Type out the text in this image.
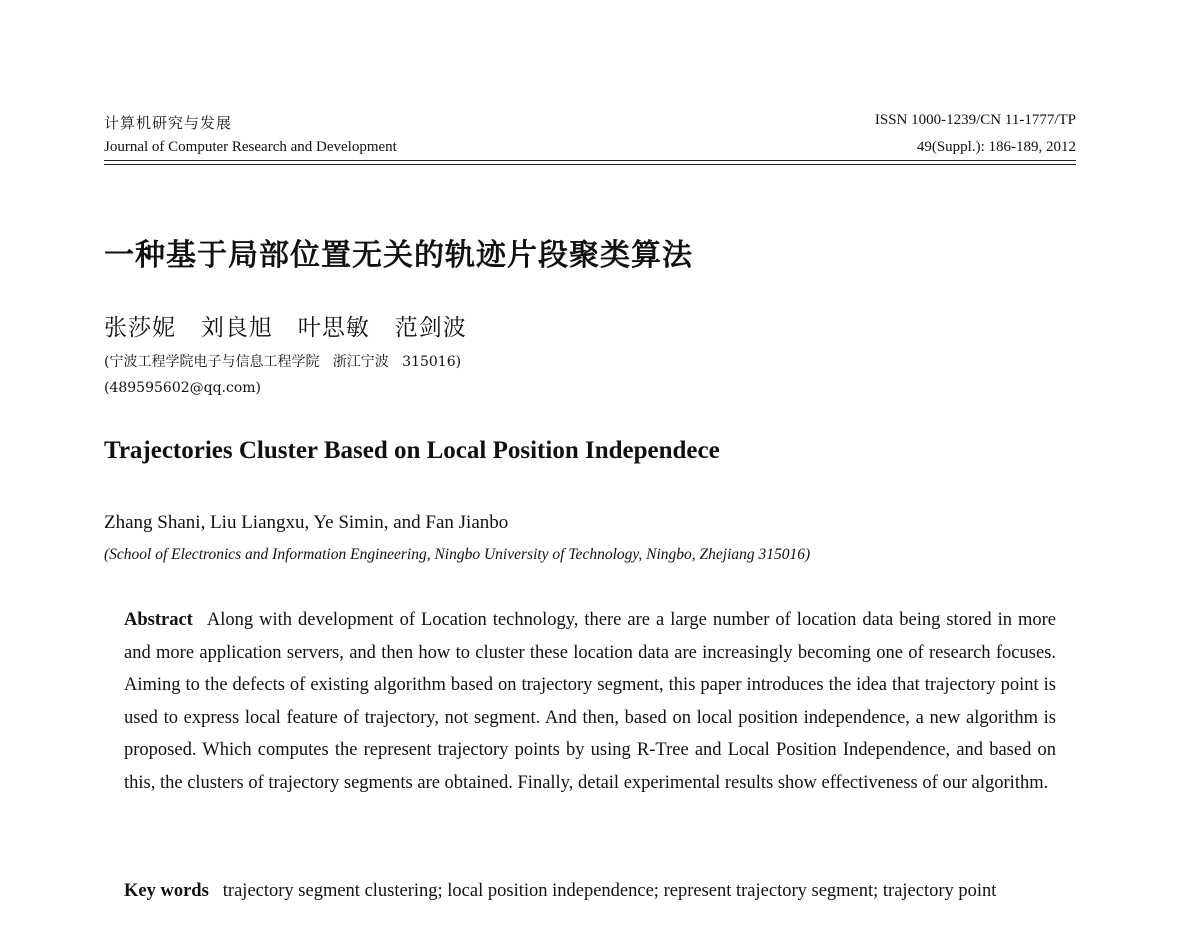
计算机研究与发展	ISSN 1000-1239/CN 11-1777/TP
Journal of Computer Research and Development	49(Suppl.): 186-189, 2012
一种基于局部位置无关的轨迹片段聚类算法

张莎妮   刘良旭   叶思敏   范剑波

(宁波工程学院电子与信息工程学院   浙江宁波   315016)

(489595602@qq.com)

Trajectories Cluster Based on Local Position Independece

Zhang Shani, Liu Liangxu, Ye Simin, and Fan Jianbo

(School of Electronics and Information Engineering, Ningbo University of Technology, Ningbo, Zhejiang 315016)

Abstract Along with development of Location technology, there are a large number of location data being stored in more and more application servers, and then how to cluster these location data are increasingly becoming one of research focuses. Aiming to the defects of existing algorithm based on trajectory segment, this paper introduces the idea that trajectory point is used to express local feature of trajectory, not segment. And then, based on local position independence, a new algorithm is proposed. Which computes the represent trajectory points by using R-Tree and Local Position Independence, and based on this, the clusters of trajectory segments are obtained. Finally, detail experimental results show effectiveness of our algorithm.

Key words trajectory segment clustering; local position independence; represent trajectory segment; trajectory point
